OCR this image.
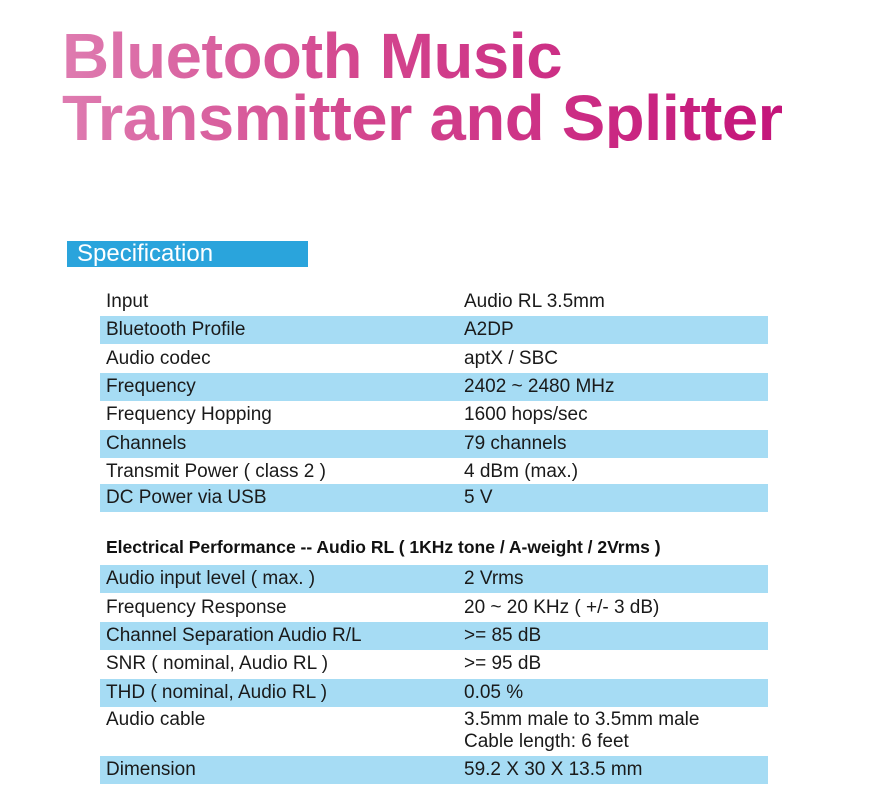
Bluetooth Music
Transmitter and Splitter
Specification
Input	Audio RL 3.5mm
Bluetooth Profile	A2DP
Audio codec	aptX / SBC
Frequency	2402 ~ 2480 MHz
Frequency Hopping	1600 hops/sec
Channels	79 channels
Transmit Power ( class 2 )	4 dBm (max.)
DC Power via USB	5 V
Audio input level ( max. )	2 Vrms
Frequency Response	20 ~ 20 KHz ( +/- 3 dB)
Channel Separation Audio R/L	>= 85 dB
SNR ( nominal, Audio RL )	>= 95 dB
THD ( nominal, Audio RL )	0.05 %
Audio cable	3.5mm male to 3.5mm male
Cable length: 6 feet
Dimension	59.2 X 30 X 13.5 mm
Electrical Performance -- Audio RL ( 1KHz tone / A-weight / 2Vrms )
